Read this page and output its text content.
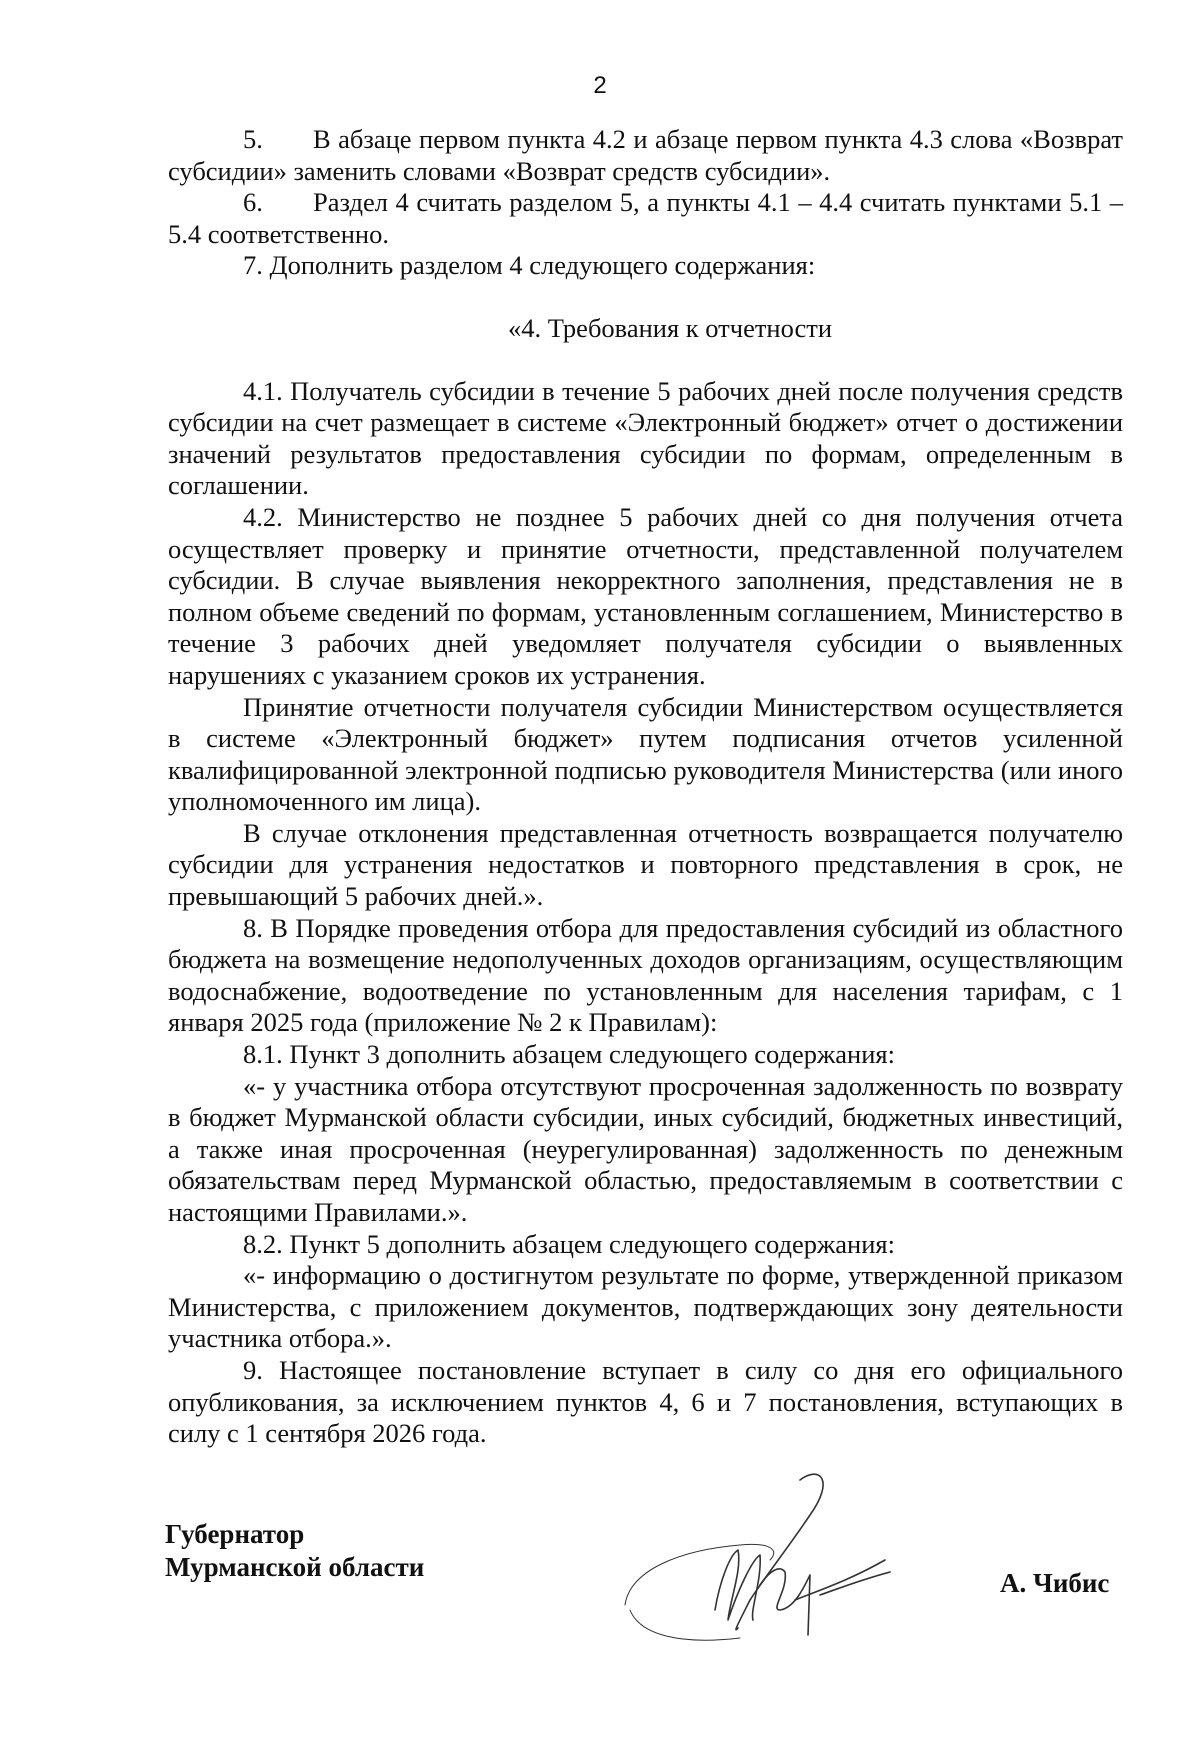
2

5. В абзаце первом пункта 4.2 и абзаце первом пункта 4.3 слова «Возврат субсидии» заменить словами «Возврат средств субсидии».

6. Раздел 4 считать разделом 5, а пункты 4.1 – 4.4 считать пунктами 5.1 – 5.4 соответственно.

7. Дополнить разделом 4 следующего содержания:

«4. Требования к отчетности

4.1. Получатель субсидии в течение 5 рабочих дней после получения средств субсидии на счет размещает в системе «Электронный бюджет» отчет о достижении значений результатов предоставления субсидии по формам, определенным в соглашении.

4.2. Министерство не позднее 5 рабочих дней со дня получения отчета осуществляет проверку и принятие отчетности, представленной получателем субсидии. В случае выявления некорректного заполнения, представления не в полном объеме сведений по формам, установленным соглашением, Министерство в течение 3 рабочих дней уведомляет получателя субсидии о выявленных нарушениях с указанием сроков их устранения.

Принятие отчетности получателя субсидии Министерством осуществляется в системе «Электронный бюджет» путем подписания отчетов усиленной квалифицированной электронной подписью руководителя Министерства (или иного уполномоченного им лица).

В случае отклонения представленная отчетность возвращается получателю субсидии для устранения недостатков и повторного представления в срок, не превышающий 5 рабочих дней.».

8. В Порядке проведения отбора для предоставления субсидий из областного бюджета на возмещение недополученных доходов организациям, осуществляющим водоснабжение, водоотведение по установленным для населения тарифам, с 1 января 2025 года (приложение № 2 к Правилам):

8.1. Пункт 3 дополнить абзацем следующего содержания:

«- у участника отбора отсутствуют просроченная задолженность по возврату в бюджет Мурманской области субсидии, иных субсидий, бюджетных инвестиций, а также иная просроченная (неурегулированная) задолженность по денежным обязательствам перед Мурманской областью, предоставляемым в соответствии с настоящими Правилами.».

8.2. Пункт 5 дополнить абзацем следующего содержания:

«- информацию о достигнутом результате по форме, утвержденной приказом Министерства, с приложением документов, подтверждающих зону деятельности участника отбора.».

9. Настоящее постановление вступает в силу со дня его официального опубликования, за исключением пунктов 4, 6 и 7 постановления, вступающих в силу с 1 сентября 2026 года.

Губернатор
Мурманской области
А. Чибис
